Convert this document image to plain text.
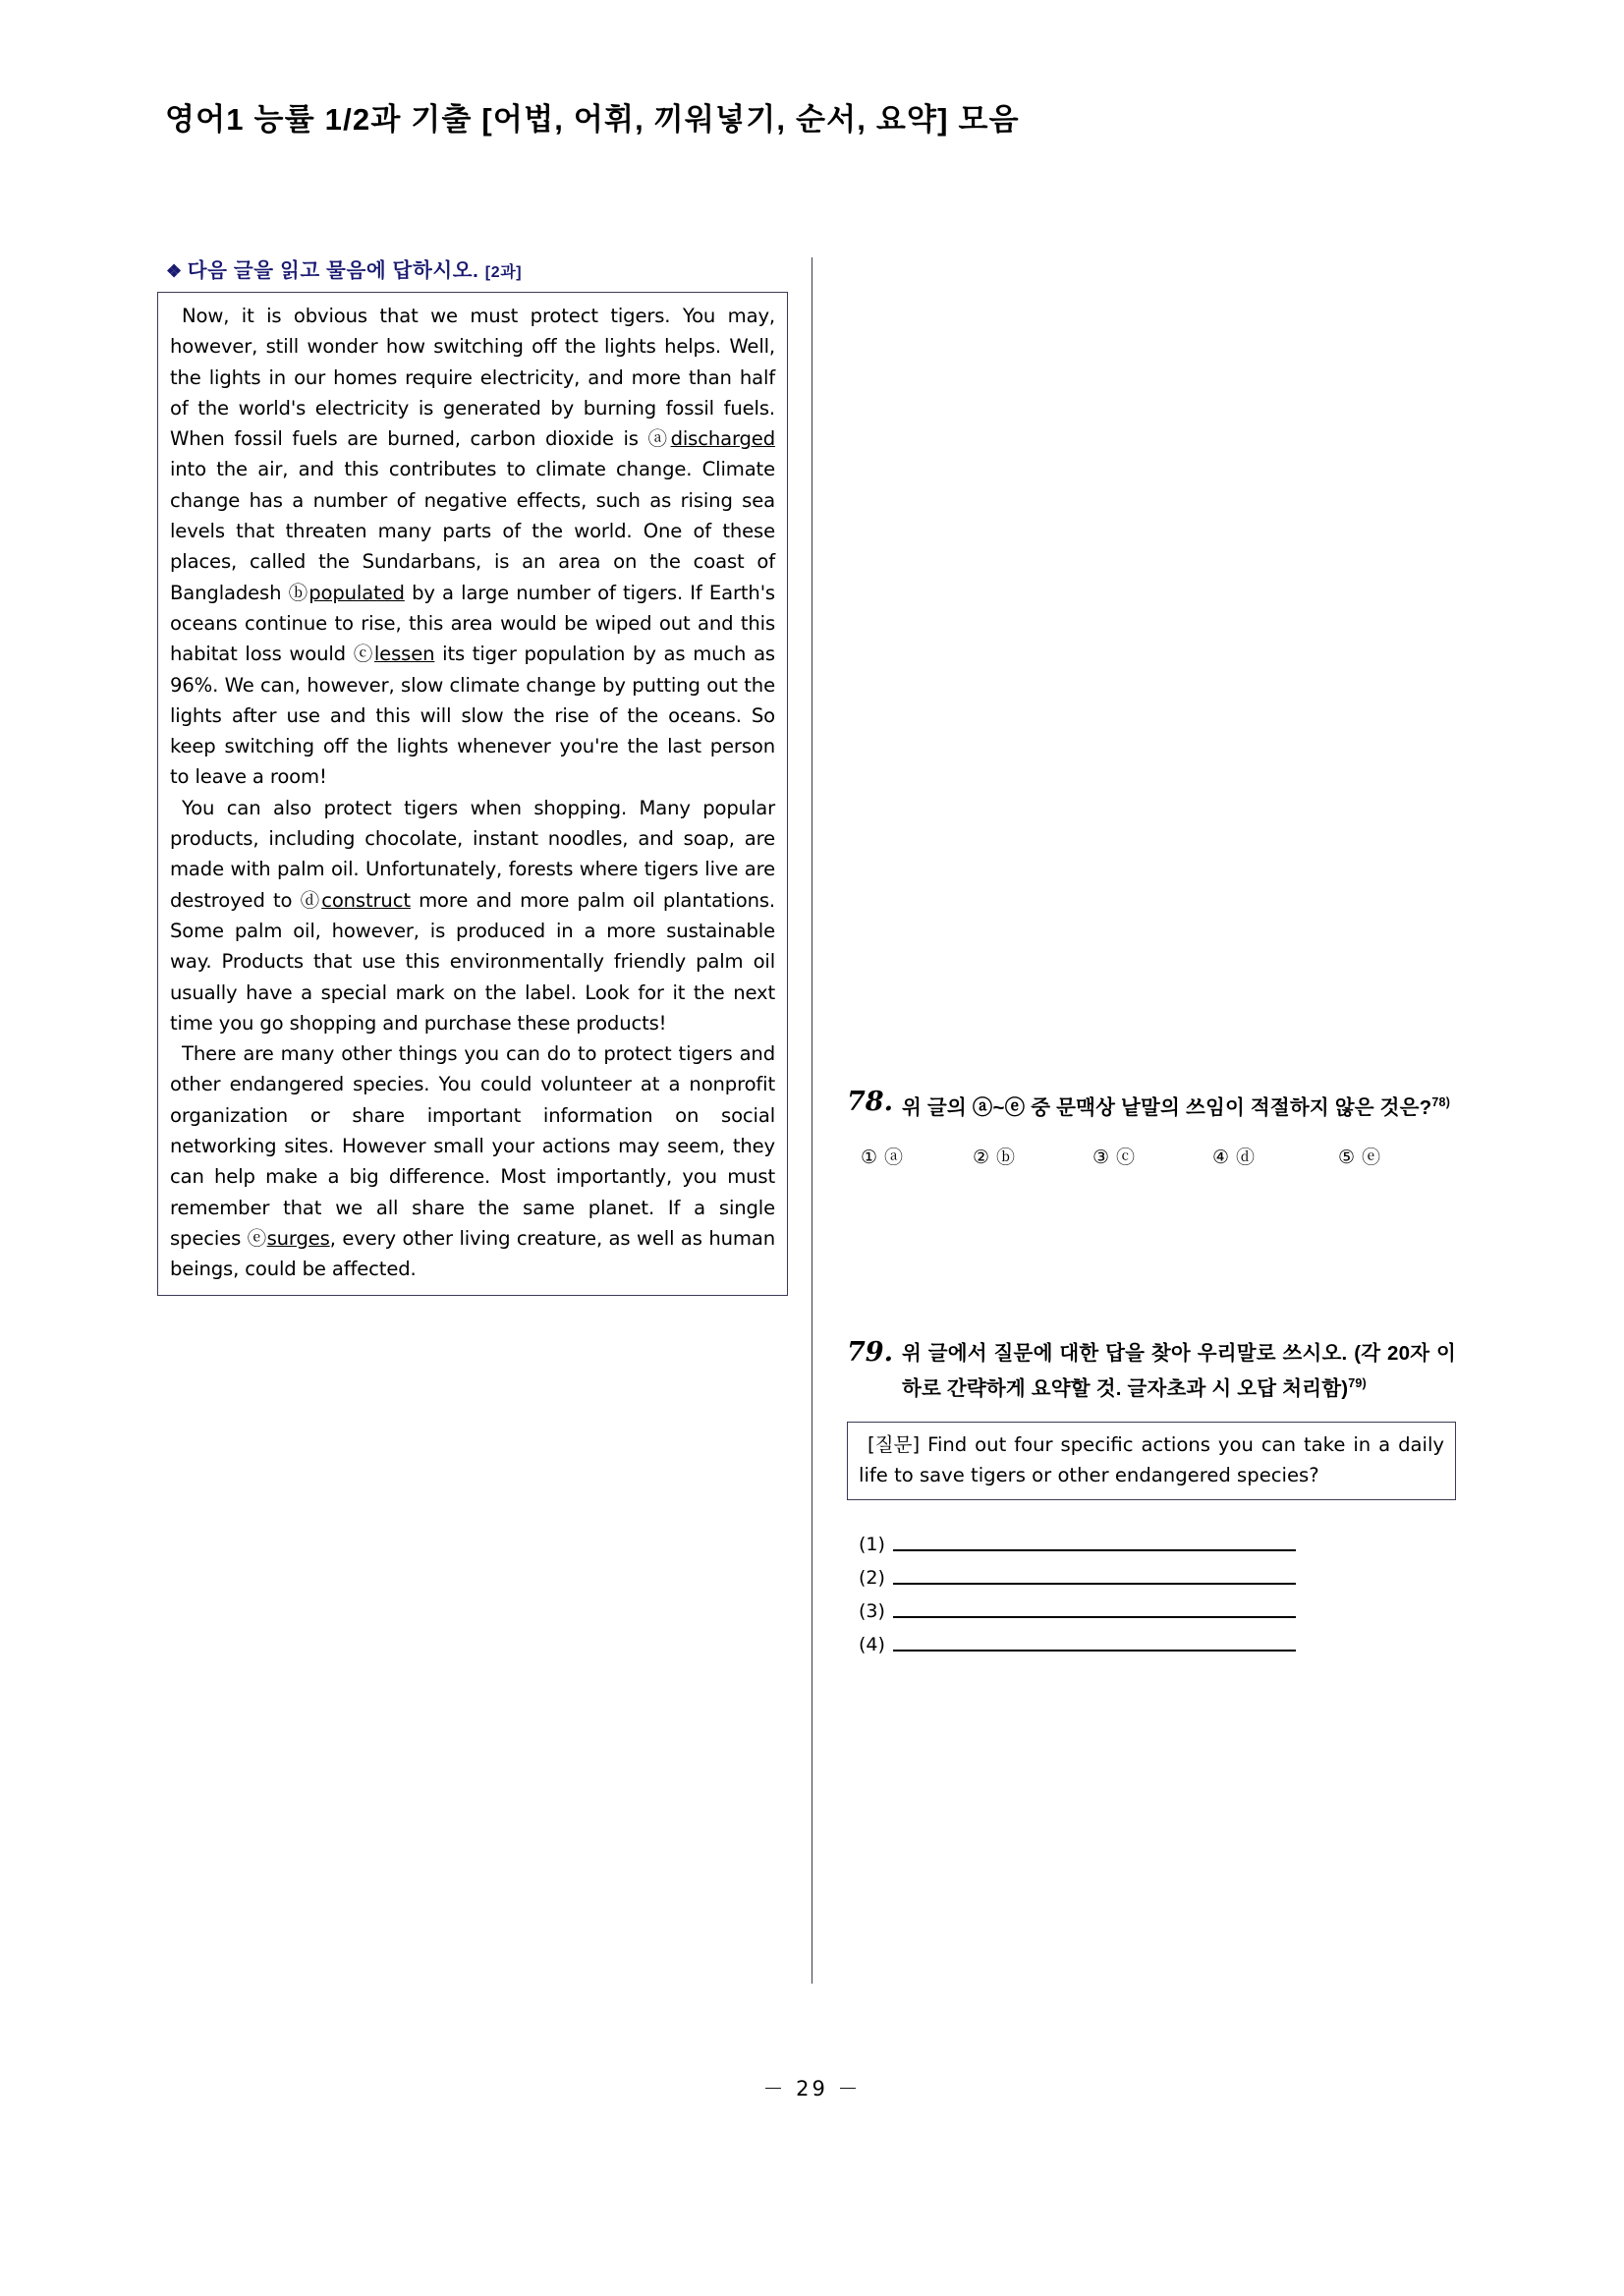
영어1 능률 1/2과 기출 [어법, 어휘, 끼워넣기, 순서, 요약] 모음
❖ 다음 글을 읽고 물음에 답하시오. [2과]

Now, it is obvious that we must protect tigers. You may, however, still wonder how switching off the lights helps. Well, the lights in our homes require electricity, and more than half of the world's electricity is generated by burning fossil fuels. When fossil fuels are burned, carbon dioxide is ⓐdischarged into the air, and this contributes to climate change. Climate change has a number of negative effects, such as rising sea levels that threaten many parts of the world. One of these places, called the Sundarbans, is an area on the coast of Bangladesh ⓑpopulated by a large number of tigers. If Earth's oceans continue to rise, this area would be wiped out and this habitat loss would ⓒlessen its tiger population by as much as 96%. We can, however, slow climate change by putting out the lights after use and this will slow the rise of the oceans. So keep switching off the lights whenever you're the last person to leave a room!

You can also protect tigers when shopping. Many popular products, including chocolate, instant noodles, and soap, are made with palm oil. Unfortunately, forests where tigers live are destroyed to ⓓconstruct more and more palm oil plantations. Some palm oil, however, is produced in a more sustainable way. Products that use this environmentally friendly palm oil usually have a special mark on the label. Look for it the next time you go shopping and purchase these products!

There are many other things you can do to protect tigers and other endangered species. You could volunteer at a nonprofit organization or share important information on social networking sites. However small your actions may seem, they can help make a big difference. Most importantly, you must remember that we all share the same planet. If a single species ⓔsurges, every other living creature, as well as human beings, could be affected.

78. 위 글의 ⓐ~ⓔ 중 문맥상 낱말의 쓰임이 적절하지 않은 것은?$^{78)}$
① ⓐ	② ⓑ	③ ⓒ	④ ⓓ	⑤ ⓔ
79. 위 글에서 질문에 대한 답을 찾아 우리말로 쓰시오. (각 20자 이하로 간략하게 요약할 것. 글자초과 시 오답 처리함)$^{79)}$

[질문] Find out four specific actions you can take in a daily life to save tigers or other endangered species?

(1)
(2)
(3)
(4)
－ 29 －
